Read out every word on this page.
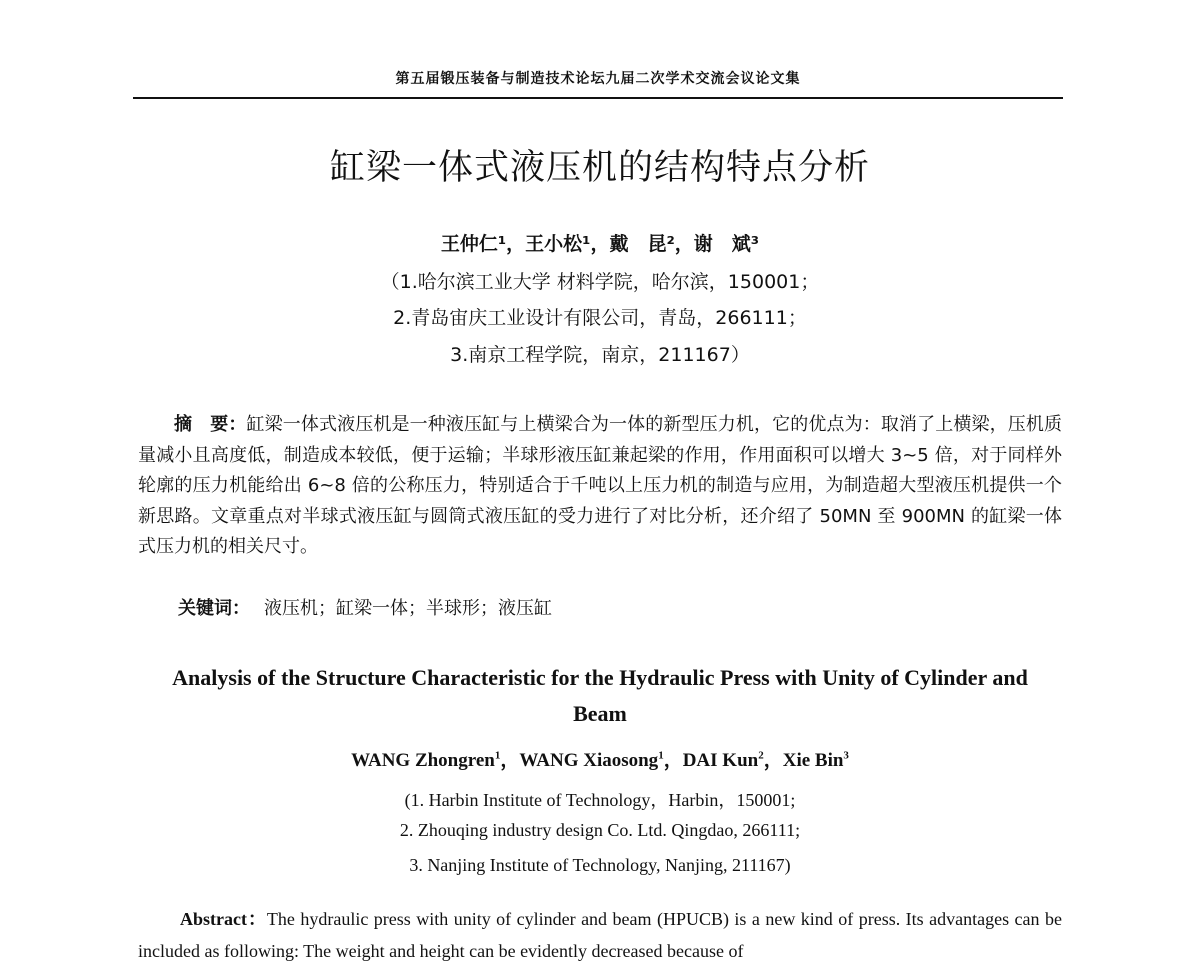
第五届锻压装备与制造技术论坛九届二次学术交流会议论文集
缸梁一体式液压机的结构特点分析
王仲仁¹，王小松¹，戴　昆²，谢　斌³
（1.哈尔滨工业大学 材料学院，哈尔滨，150001；
2.青岛宙庆工业设计有限公司，青岛，266111；
3.南京工程学院，南京，211167）
摘　要：缸梁一体式液压机是一种液压缸与上横梁合为一体的新型压力机，它的优点为：取消了上横梁，压机质量减小且高度低，制造成本较低，便于运输；半球形液压缸兼起梁的作用，作用面积可以增大 3~5 倍，对于同样外轮廓的压力机能给出 6~8 倍的公称压力，特别适合于千吨以上压力机的制造与应用，为制造超大型液压机提供一个新思路。文章重点对半球式液压缸与圆筒式液压缸的受力进行了对比分析，还介绍了 50MN 至 900MN 的缸梁一体式压力机的相关尺寸。
关键词： 液压机；缸梁一体；半球形；液压缸
Analysis of the Structure Characteristic for the Hydraulic Press with Unity of Cylinder and Beam
WANG Zhongren$^1$，WANG Xiaosong$^1$，DAI Kun$^2$，Xie Bin$^3$
(1. Harbin Institute of Technology，Harbin，150001;
2. Zhouqing industry design Co. Ltd. Qingdao, 266111;
3. Nanjing Institute of Technology, Nanjing, 211167)
Abstract：The hydraulic press with unity of cylinder and beam (HPUCB) is a new kind of press. Its advantages can be included as following: The weight and height can be evidently decreased because of
